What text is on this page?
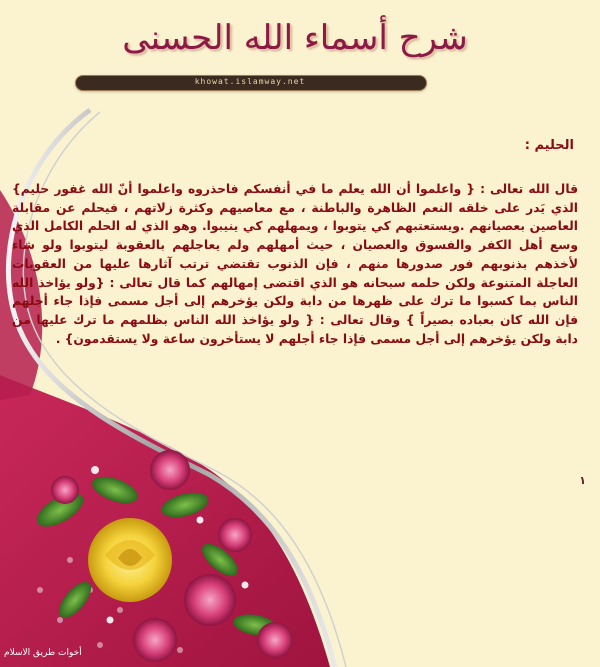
شرح أسماء الله الحسنى
khowat.islamway.net
الحليم :
قال الله تعالى : { واعلموا أن الله يعلم ما في أنفسكم فاحذروه واعلموا أنّ الله غفور حليم} الذي يَدر على خلقه النعم الظاهرة والباطنة ، مع معاصيهم وكثرة زلاتهم ، فيحلم عن مقابلة العاصين بعصيانهم .ويستعتبهم كي يتوبوا ، ويمهلهم كي ينيبوا. وهو الذي له الحلم الكامل الذي وسع أهل الكفر والفسوق والعصيان ، حيث أمهلهم ولم يعاجلهم بالعقوبة ليتوبوا ولو شاء لأخذهم بذنوبهم فور صدورها منهم ، فإن الذنوب تقتضي ترتب آثارها عليها من العقوبات العاجلة المتنوعة ولكن حلمه سبحانه هو الذي اقتضى إمهالهم كما قال تعالى : {ولو يؤاخذ الله الناس بما كسبوا ما ترك على ظهرها من دابة ولكن يؤخرهم إلى أجل مسمى فإذا جاء أجلهم فإن الله كان بعباده بصيراً } وقال تعالى : { ولو يؤاخذ الله الناس بظلمهم ما ترك عليها من دابة ولكن يؤخرهم إلى أجل مسمى فإذا جاء أجلهم لا يستأخرون ساعة ولا يستقدمون} .
١
أخوات طريق الاسلام
